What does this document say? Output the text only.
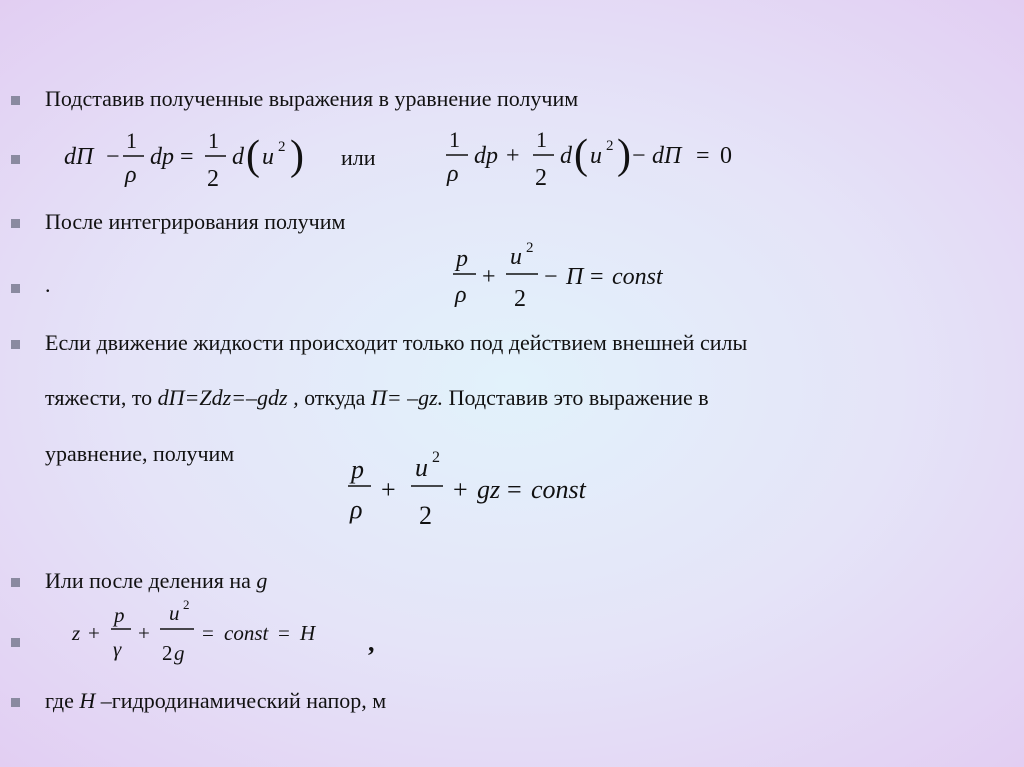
Подставив полученные выражения в уравнение получим
dП −
1
ρ
dp =
1
2
d ( u 2 ) или
1
ρ
dp +
1
2
d ( u 2 ) − dП = 0
После интегрирования получим
.
p
ρ
+
u 2
2
− П = const
Если движение жидкости происходит только под действием внешней силы
тяжести, то dП=Zdz=–gdz , откуда П= –gz. Подставив это выражение в
уравнение, получим
p
ρ
+
u 2
2
+ gz = const
Или после деления на g
z +
p
γ
+
u 2
2 g
= const = H ,
где H –гидродинамический напор, м
